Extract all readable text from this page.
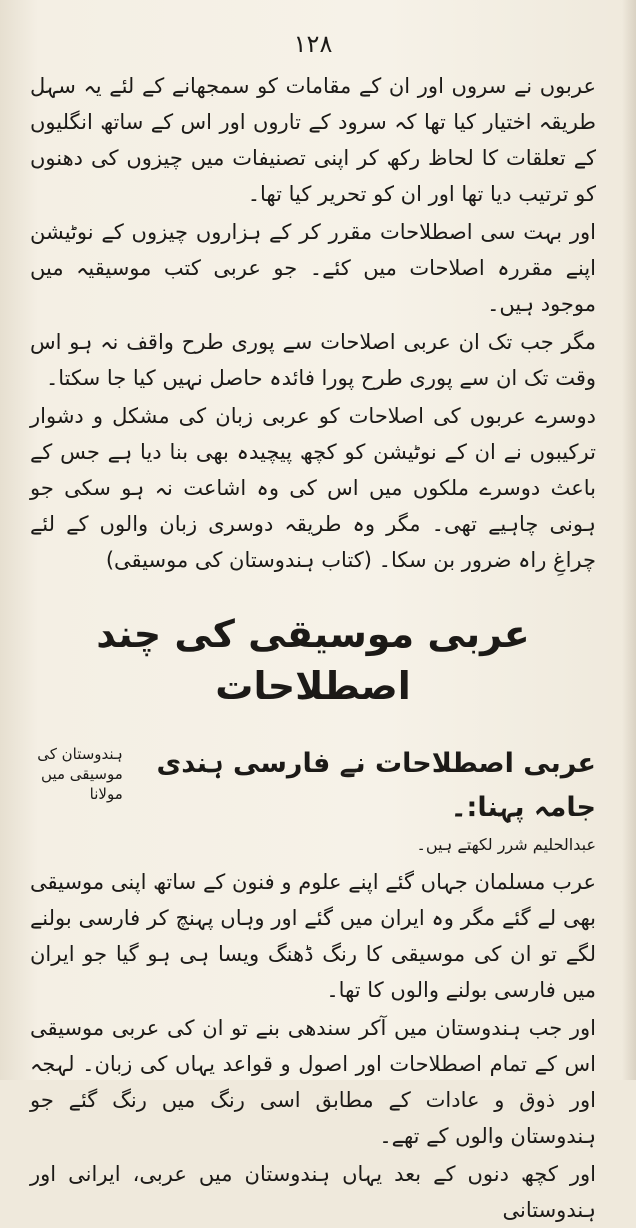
۱۲۸

عربوں نے سروں اور ان کے مقامات کو سمجھانے کے لئے یہ سہل طریقہ اختیار کیا تھا کہ سرود کے تاروں اور اس کے ساتھ انگلیوں کے تعلقات کا لحاظ رکھ کر اپنی تصنیفات میں چیزوں کی دھنوں کو ترتیب دیا تھا اور ان کو تحریر کیا تھا۔

اور بہت سی اصطلاحات مقرر کر کے ہزاروں چیزوں کے نوٹیشن اپنے مقررہ اصلاحات میں کئے۔ جو عربی کتب موسیقیہ میں موجود ہیں۔

مگر جب تک ان عربی اصلاحات سے پوری طرح واقف نہ ہو اس وقت تک ان سے پوری طرح پورا فائدہ حاصل نہیں کیا جا سکتا۔

دوسرے عربوں کی اصلاحات کو عربی زبان کی مشکل و دشوار ترکیبوں نے ان کے نوٹیشن کو کچھ پیچیدہ بھی بنا دیا ہے جس کے باعث دوسرے ملکوں میں اس کی وہ اشاعت نہ ہو سکی جو ہونی چاہیے تھی۔ مگر وہ طریقہ دوسری زبان والوں کے لئے چراغِ راہ ضرور بن سکا۔ (کتاب ہندوستان کی موسیقی)

عربی موسیقی کی چند اصطلاحات

عربی اصطلاحات نے فارسی ہندی جامہ پہنا:۔

ہندوستان کی موسیقی میں مولانا

عبدالحلیم شرر لکھتے ہیں۔

عرب مسلمان جہاں گئے اپنے علوم و فنون کے ساتھ اپنی موسیقی بھی لے گئے مگر وہ ایران میں گئے اور وہاں پہنچ کر فارسی بولنے لگے تو ان کی موسیقی کا رنگ ڈھنگ ویسا ہی ہو گیا جو ایران میں فارسی بولنے والوں کا تھا۔

اور جب ہندوستان میں آکر سندھی بنے تو ان کی عربی موسیقی اس کے تمام اصطلاحات اور اصول و قواعد یہاں کی زبان۔ لہجہ اور ذوق و عادات کے مطابق اسی رنگ میں رنگ گئے جو ہندوستان والوں کے تھے۔

اور کچھ دنوں کے بعد یہاں ہندوستان میں عربی، ایرانی اور ہندوستانی
